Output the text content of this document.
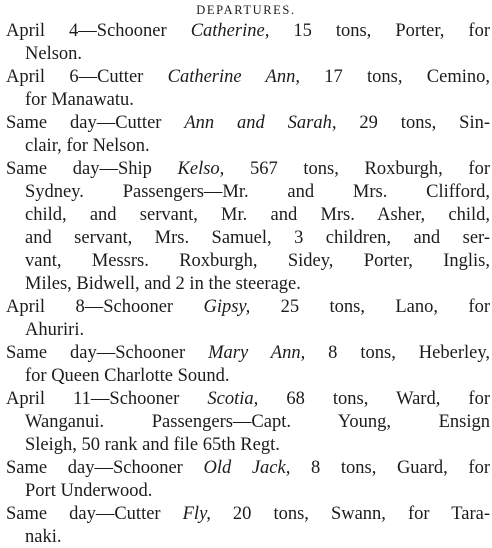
DEPARTURES.
April 4—Schooner Catherine, 15 tons, Porter, for
Nelson.
April 6—Cutter Catherine Ann, 17 tons, Cemino,
for Manawatu.
Same day—Cutter Ann and Sarah, 29 tons, Sin-
clair, for Nelson.
Same day—Ship Kelso, 567 tons, Roxburgh, for
Sydney. Passengers—Mr. and Mrs. Clifford,
child, and servant, Mr. and Mrs. Asher, child,
and servant, Mrs. Samuel, 3 children, and ser-
vant, Messrs. Roxburgh, Sidey, Porter, Inglis,
Miles, Bidwell, and 2 in the steerage.
April 8—Schooner Gipsy, 25 tons, Lano, for
Ahuriri.
Same day—Schooner Mary Ann, 8 tons, Heberley,
for Queen Charlotte Sound.
April 11—Schooner Scotia, 68 tons, Ward, for
Wanganui. Passengers—Capt. Young, Ensign
Sleigh, 50 rank and file 65th Regt.
Same day—Schooner Old Jack, 8 tons, Guard, for
Port Underwood.
Same day—Cutter Fly, 20 tons, Swann, for Tara-
naki.
